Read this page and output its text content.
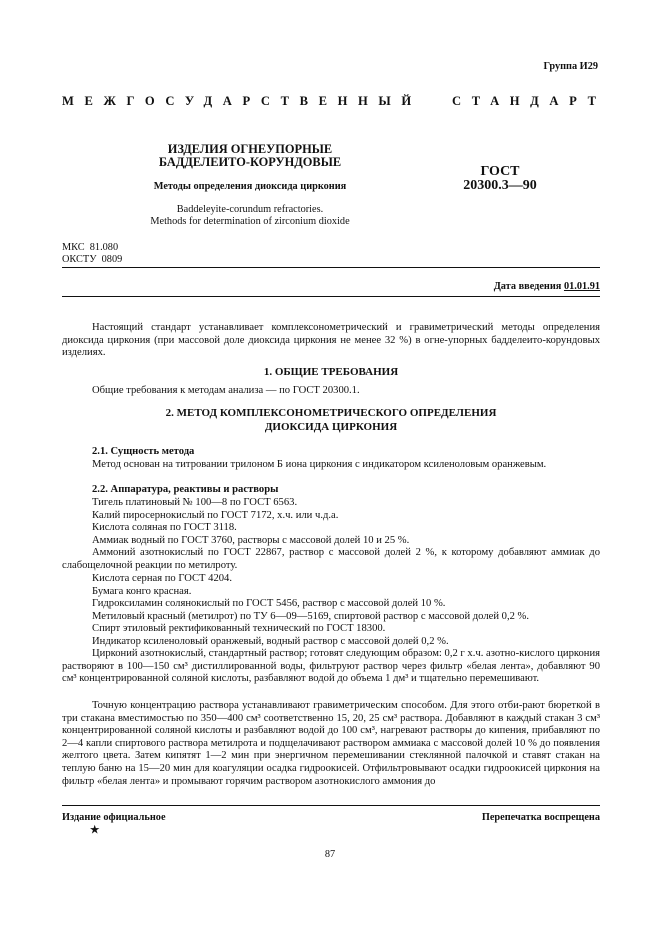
Группа И29
МЕЖГОСУДАРСТВЕННЫЙ СТАНДАРТ
ИЗДЕЛИЯ ОГНЕУПОРНЫЕ
БАДДЕЛЕИТО-КОРУНДОВЫЕ
Методы определения диоксида циркония
Baddeleyite-corundum refractories.
Methods for determination of zirconium dioxide
ГОСТ
20300.3—90
МКС  81.080
ОКСТУ  0809
Дата введения 01.01.91
Настоящий стандарт устанавливает комплексонометрический и гравиметрический методы определения диоксида циркония (при массовой доле диоксида циркония не менее 32 %) в огне-упорных бадделеито-корундовых изделиях.
1. ОБЩИЕ ТРЕБОВАНИЯ
Общие требования к методам анализа — по ГОСТ 20300.1.
2. МЕТОД КОМПЛЕКСОНОМЕТРИЧЕСКОГО ОПРЕДЕЛЕНИЯ
ДИОКСИДА ЦИРКОНИЯ
2.1. Сущность метода
Метод основан на титровании трилоном Б иона циркония с индикатором ксиленоловым оранжевым.
2.2. Аппаратура, реактивы и растворы
Тигель платиновый № 100—8 по ГОСТ 6563.
Калий пиросернокислый по ГОСТ 7172, х.ч. или ч.д.а.
Кислота соляная по ГОСТ 3118.
Аммиак водный по ГОСТ 3760, растворы с массовой долей 10 и 25 %.
Аммоний азотнокислый по ГОСТ 22867, раствор с массовой долей 2 %, к которому добавляют аммиак до слабощелочной реакции по метилроту.
Кислота серная по ГОСТ 4204.
Бумага конго красная.
Гидроксиламин солянокислый по ГОСТ 5456, раствор с массовой долей 10 %.
Метиловый красный (метилрот) по ТУ 6—09—5169, спиртовой раствор с массовой долей 0,2 %.
Спирт этиловый ректификованный технический по ГОСТ 18300.
Индикатор ксиленоловый оранжевый, водный раствор с массовой долей 0,2 %.
Цирконий азотнокислый, стандартный раствор; готовят следующим образом: 0,2 г х.ч. азотно-кислого циркония растворяют в 100—150 см³ дистиллированной воды, фильтруют раствор через фильтр «белая лента», добавляют 90 см³ концентрированной соляной кислоты, разбавляют водой до объема 1 дм³ и тщательно перемешивают.
Точную концентрацию раствора устанавливают гравиметрическим способом. Для этого отби-рают бюреткой в три стакана вместимостью по 350—400 см³ соответственно 15, 20, 25 см³ раствора. Добавляют в каждый стакан 3 см³ концентрированной соляной кислоты и разбавляют водой до 100 см³, нагревают растворы до кипения, прибавляют по 2—4 капли спиртового раствора метилрота и подщелачивают раствором аммиака с массовой долей 10 % до появления желтого цвета. Затем кипятят 1—2 мин при энергичном перемешивании стеклянной палочкой и ставят стакан на теплую баню на 15—20 мин для коагуляции осадка гидроокисей. Отфильтровывают осадки гидроокисей циркония на фильтр «белая лента» и промывают горячим раствором азотнокислого аммония до
Издание официальное
★
Перепечатка воспрещена
87
